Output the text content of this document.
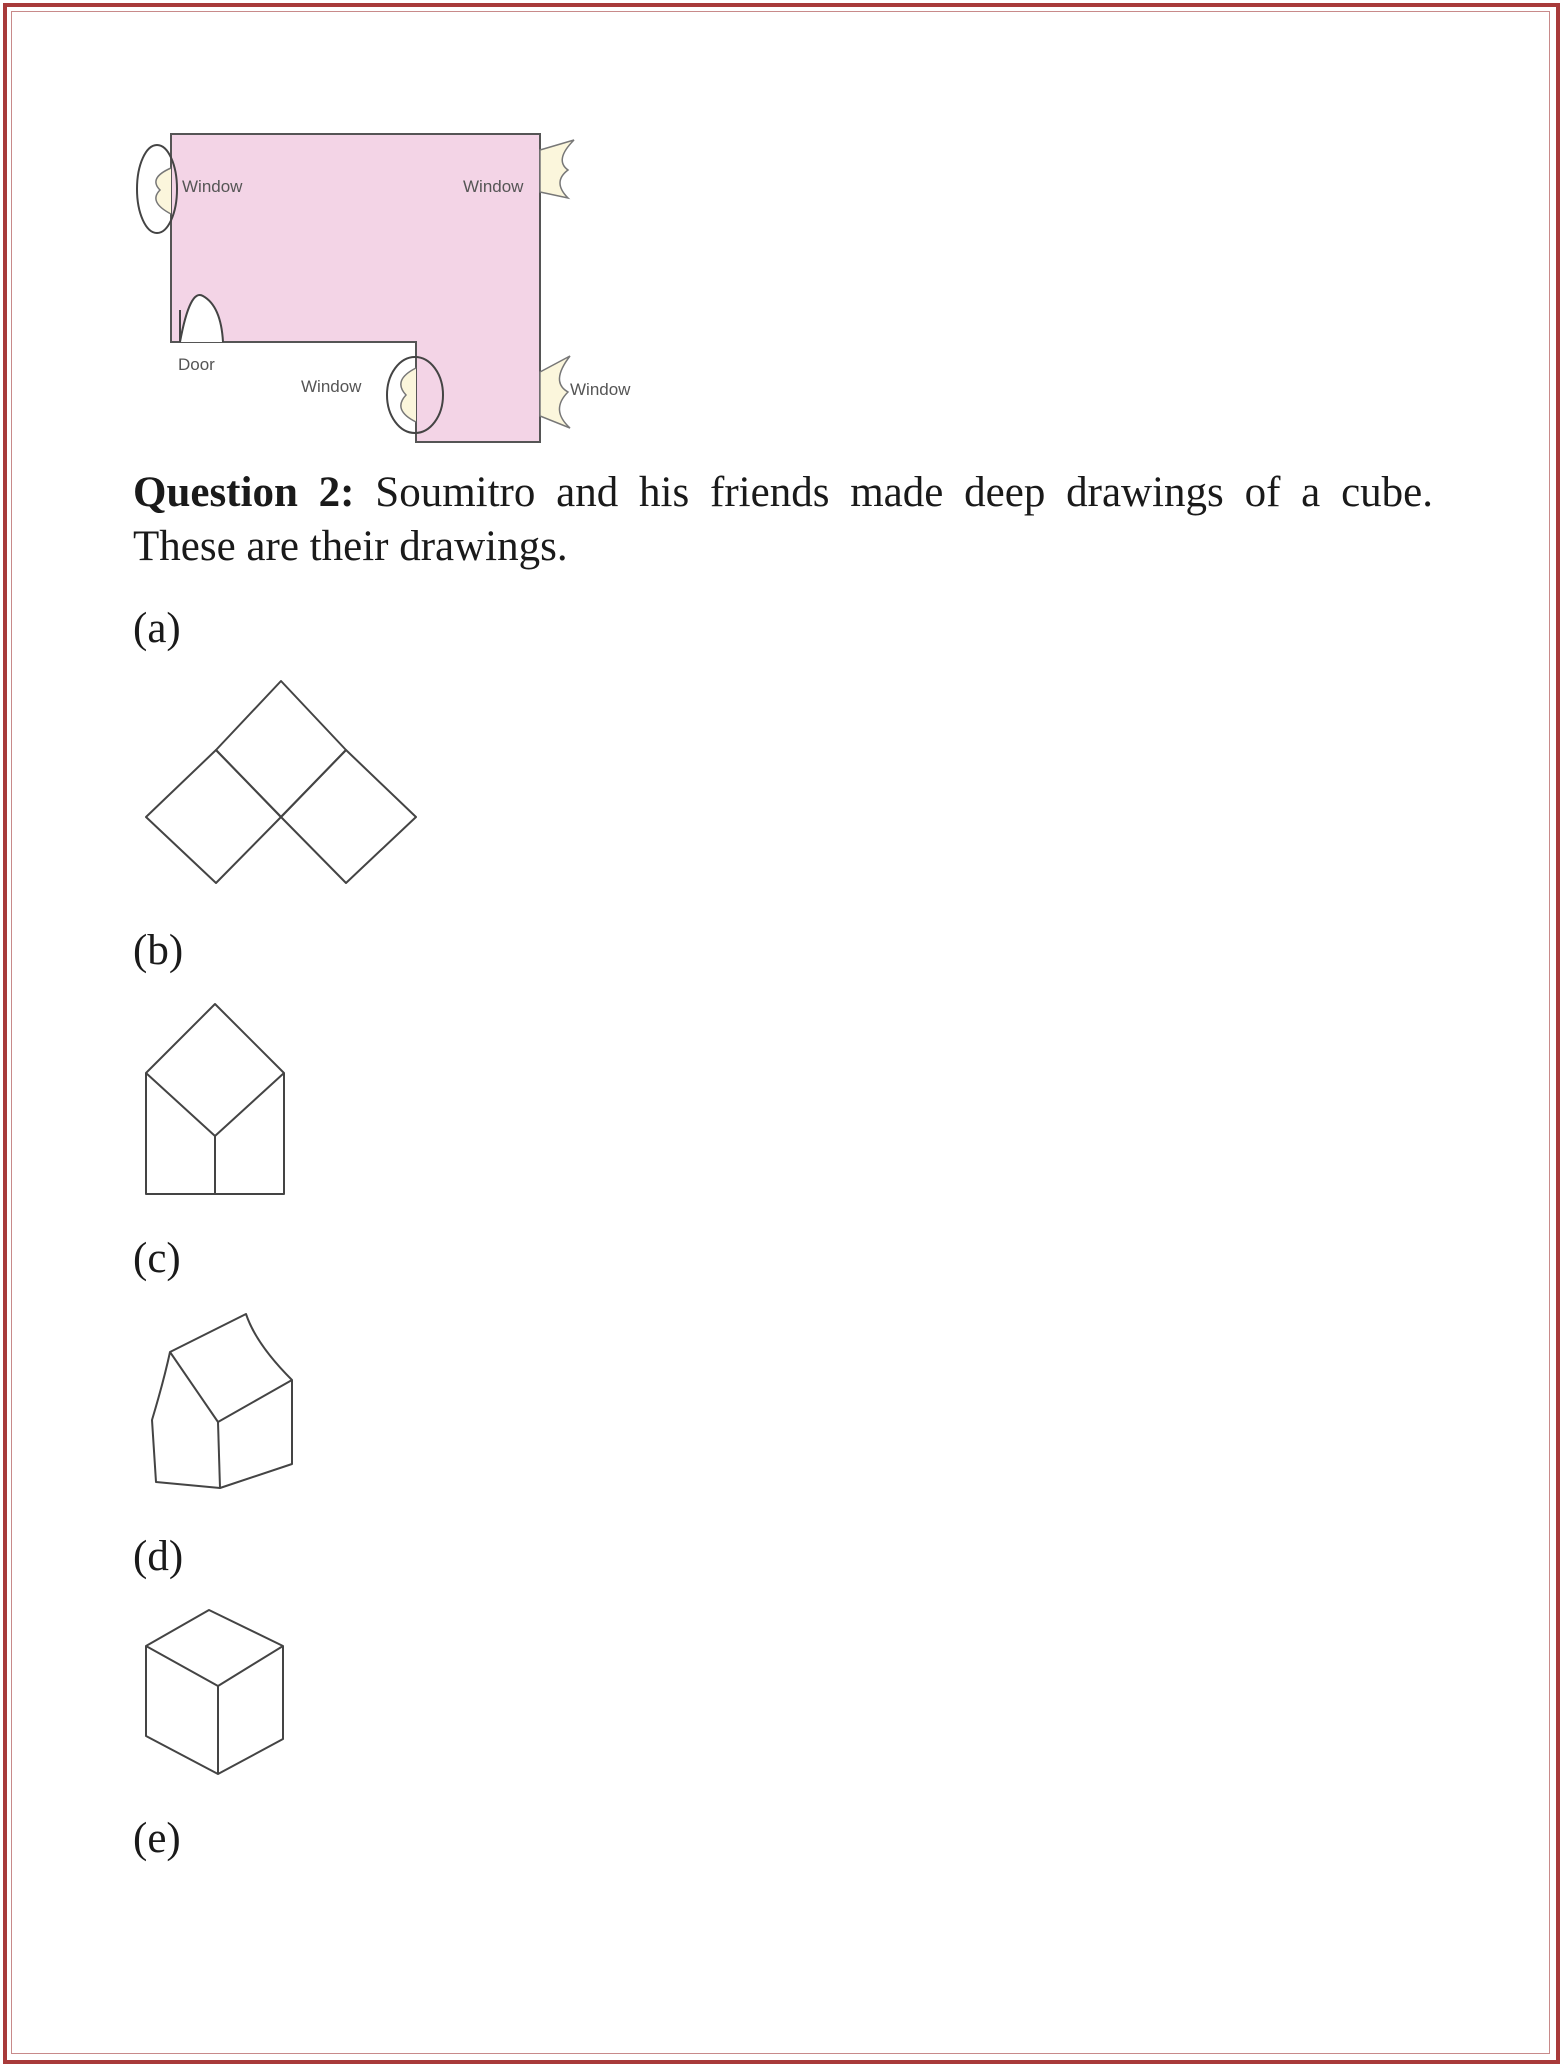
Window	Window
Door
Window	Window
Question 2: Soumitro and his friends made deep drawings of a cube. These are their drawings.
(a)
(b)
(c)
(d)
(e)
